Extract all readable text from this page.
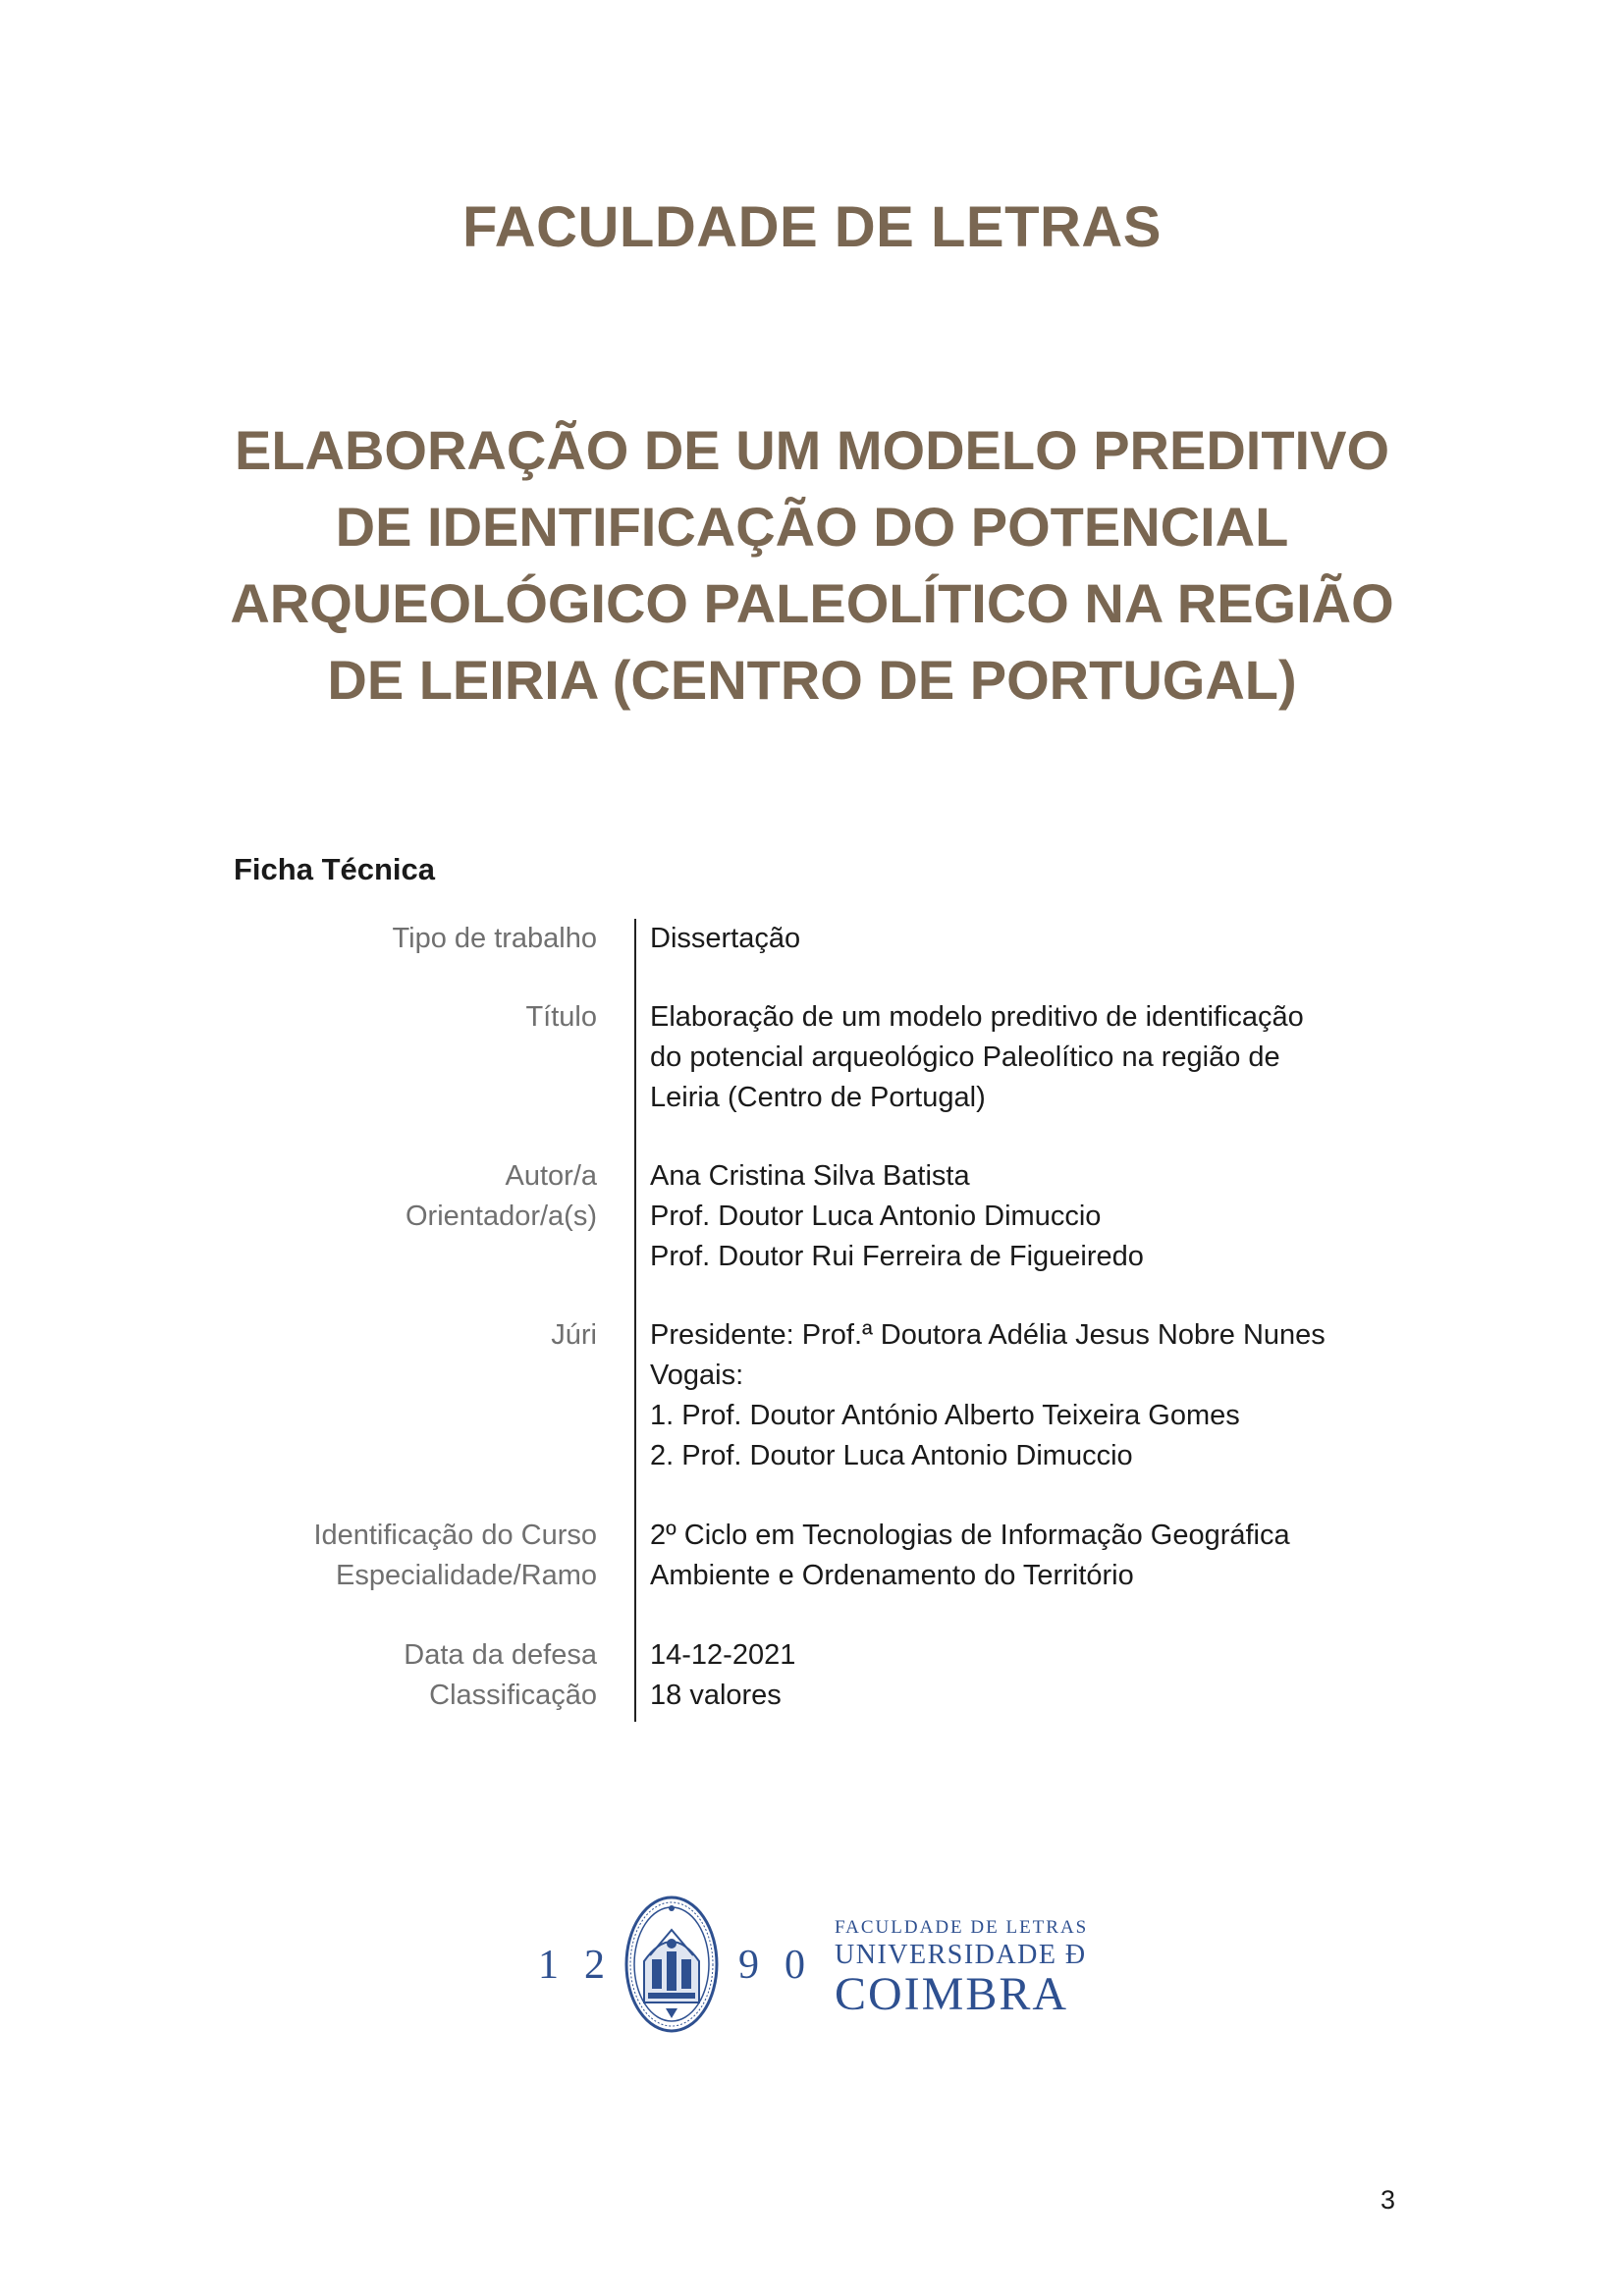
FACULDADE DE LETRAS
ELABORAÇÃO DE UM MODELO PREDITIVO
DE IDENTIFICAÇÃO DO POTENCIAL
ARQUEOLÓGICO PALEOLÍTICO NA REGIÃO
DE LEIRIA (CENTRO DE PORTUGAL)
Ficha Técnica
Tipo de trabalho Dissertação
Título Elaboração de um modelo preditivo de identificação
do potencial arqueológico Paleolítico na região de
Leiria (Centro de Portugal)
Autor/a
Orientador/a(s)
Ana Cristina Silva Batista
Prof. Doutor Luca Antonio Dimuccio
Prof. Doutor Rui Ferreira de Figueiredo
Júri Presidente: Prof.ª Doutora Adélia Jesus Nobre Nunes
Vogais:
1. Prof. Doutor António Alberto Teixeira Gomes
2. Prof. Doutor Luca Antonio Dimuccio
Identificação do Curso
Especialidade/Ramo
2º Ciclo em Tecnologias de Informação Geográfica
Ambiente e Ordenamento do Território
Data da defesa
Classificação
14-12-2021
18 valores
12	90
FACULDADE DE LETRAS
UNIVERSIDADE Ð
COIMBRA
3
